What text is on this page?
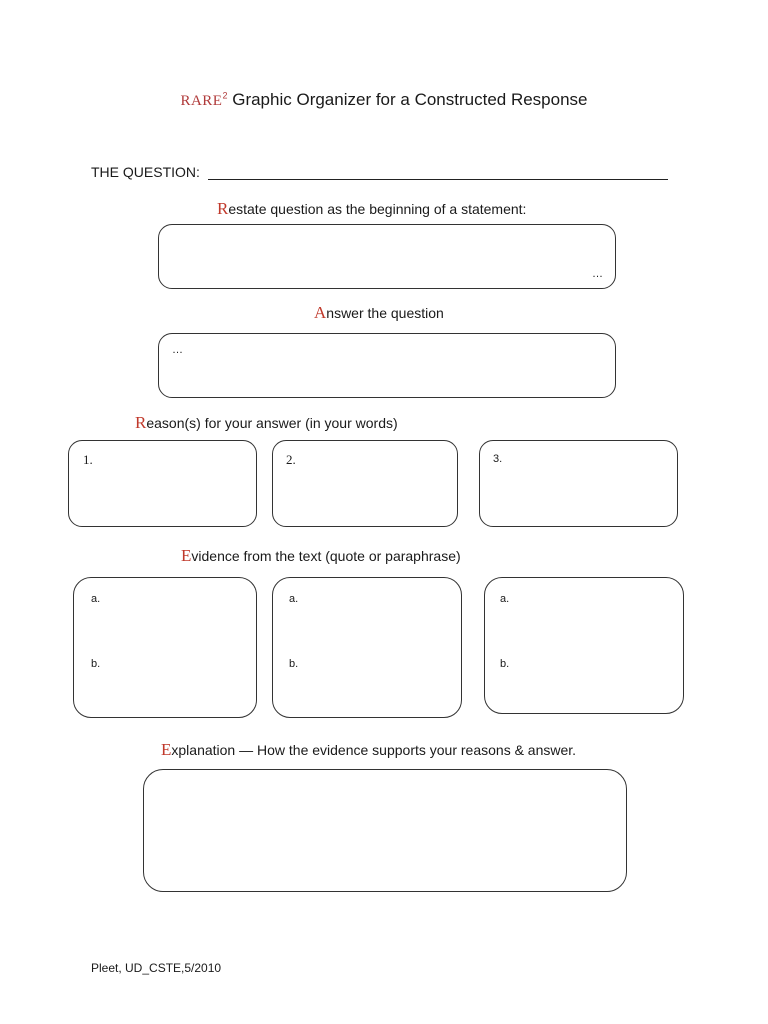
RARE$^2$ Graphic Organizer for a Constructed Response
THE QUESTION:
Restate question as the beginning of a statement:
…
Answer the question
…
Reason(s) for your answer (in your words)
1.	2.	3.
Evidence from the text (quote or paraphrase)
a.
b.
a.
b.
a.
b.
Explanation — How the evidence supports your reasons & answer.
Pleet, UD_CSTE,5/2010
